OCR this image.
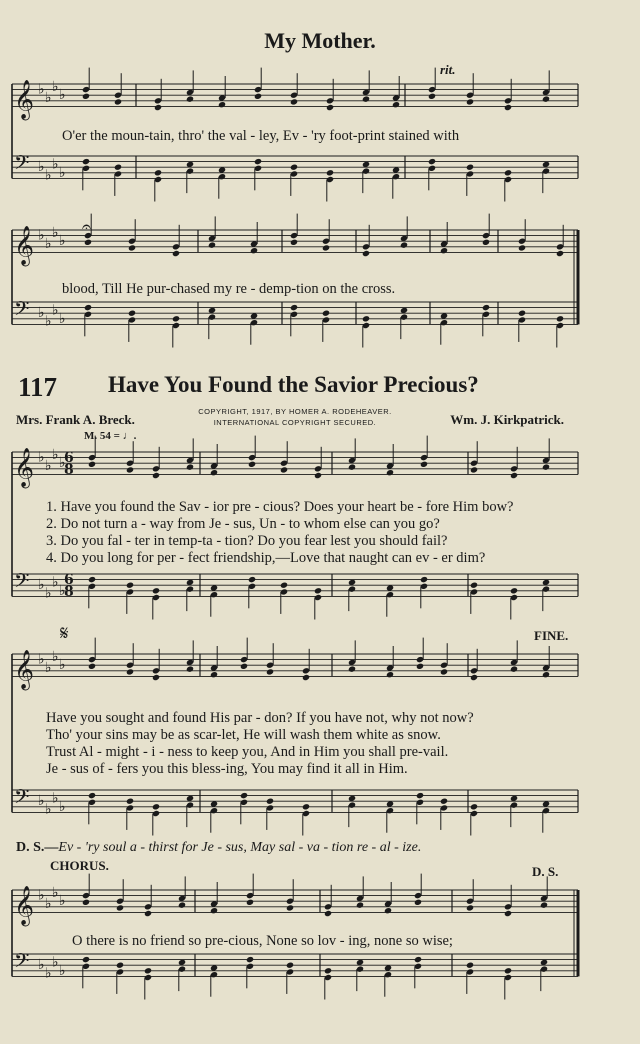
𝄞 ♭
♭
♭
♭
𝄢 ♭
♭
♭
♭
𝄞 ♭
♭
♭
♭
𝄢 ♭
♭
♭
♭
𝄞 ♭
♭
♭
♭
𝄢 ♭
♭
♭
♭
𝄞 ♭
♭
♭
♭
𝄢 ♭
♭
♭
♭
𝄞 ♭
♭
♭
♭
𝄢 ♭
♭
♭
♭
6
8
6
8
𝄋
𝄐
My Mother.
rit.
O'er the moun-tain, thro' the val - ley, Ev - 'ry foot-print stained with
blood, Till He pur-chased my re - demp-tion on the cross.
117 Have You Found the Savior Precious?
COPYRIGHT, 1917, BY HOMER A. RODEHEAVER.
INTERNATIONAL COPYRIGHT SECURED.
Mrs. Frank A. Breck.	Wm. J. Kirkpatrick.
M. 54 = ♩.
1. Have you found the Sav - ior pre - cious? Does your heart be - fore Him bow?
2. Do not turn a - way from Je - sus, Un - to whom else can you go?
3. Do you fal - ter in temp-ta - tion? Do you fear lest you should fail?
4. Do you long for per - fect friendship,—Love that naught can ev - er dim?
FINE.
Have you sought and found His par - don? If you have not, why not now?
Tho' your sins may be as scar-let, He will wash them white as snow.
Trust Al - might - i - ness to keep you, And in Him you shall pre-vail.
Je - sus of - fers you this bless-ing, You may find it all in Him.
D. S.—Ev - 'ry soul a - thirst for Je - sus, May sal - va - tion re - al - ize.
CHORUS.	D. S.
O there is no friend so pre-cious, None so lov - ing, none so wise;
